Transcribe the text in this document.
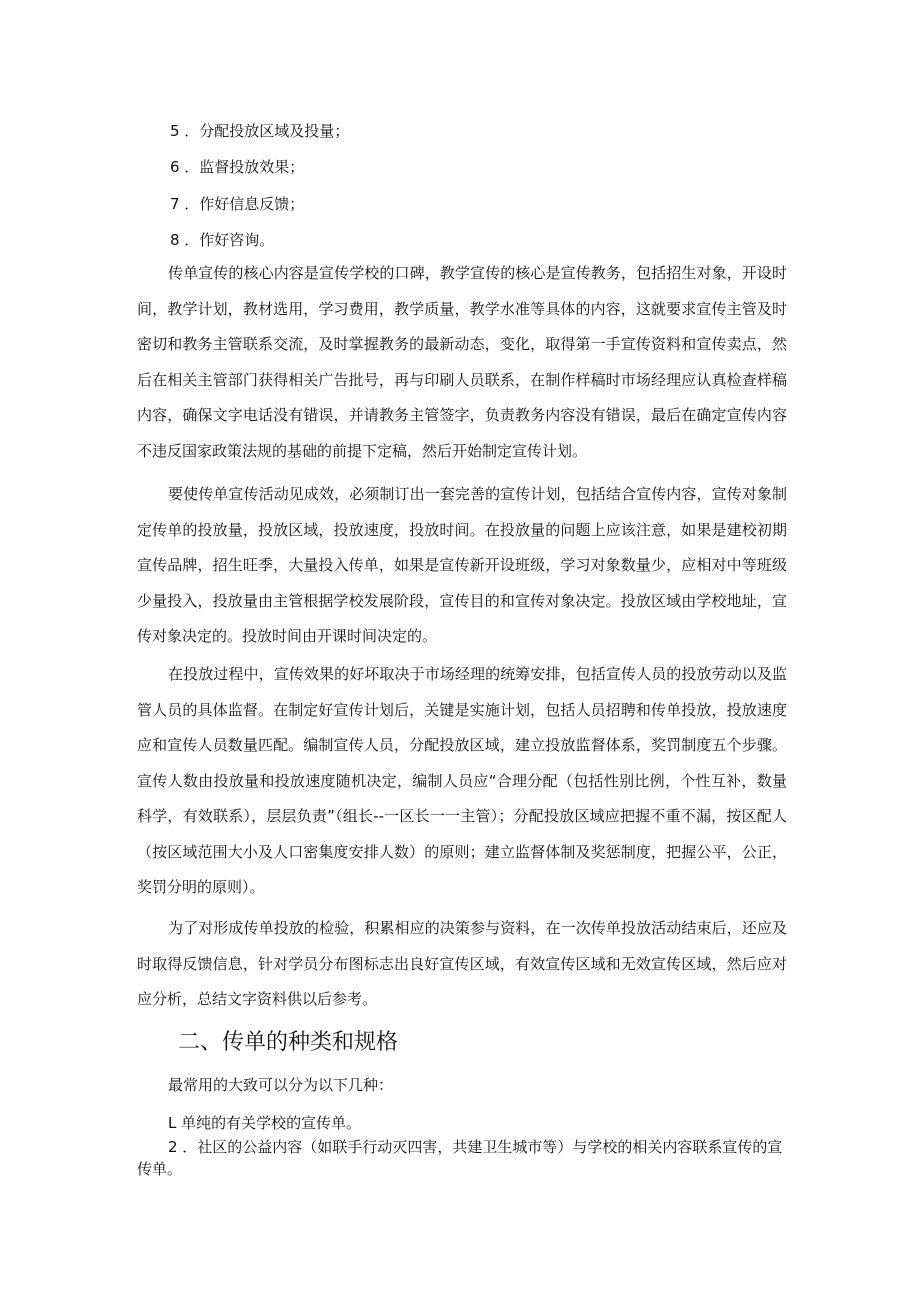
5 ．分配投放区域及投量；
6 ．监督投放效果；
7 ．作好信息反馈；
8 ．作好咨询。

传单宣传的核心内容是宣传学校的口碑，教学宣传的核心是宣传教务，包括招生对象，开设时间，教学计划，教材选用，学习费用，教学质量，教学水准等具体的内容，这就要求宣传主管及时密切和教务主管联系交流，及时掌握教务的最新动态，变化，取得第一手宣传资料和宣传卖点，然后在相关主管部门获得相关广告批号，再与印刷人员联系，在制作样稿时市场经理应认真检查样稿内容，确保文字电话没有错误，并请教务主管签字，负责教务内容没有错误，最后在确定宣传内容不违反国家政策法规的基础的前提下定稿，然后开始制定宣传计划。

要使传单宣传活动见成效，必须制订出一套完善的宣传计划，包括结合宣传内容，宣传对象制定传单的投放量，投放区域，投放速度，投放时间。在投放量的问题上应该注意，如果是建校初期宣传品牌，招生旺季，大量投入传单，如果是宣传新开设班级，学习对象数量少，应相对中等班级少量投入，投放量由主管根据学校发展阶段，宣传目的和宣传对象决定。投放区域由学校地址，宣传对象决定的。投放时间由开课时间决定的。

在投放过程中，宣传效果的好坏取决于市场经理的统筹安排，包括宣传人员的投放劳动以及监管人员的具体监督。在制定好宣传计划后，关键是实施计划，包括人员招聘和传单投放，投放速度应和宣传人员数量匹配。编制宣传人员，分配投放区域，建立投放监督体系，奖罚制度五个步骤。宣传人数由投放量和投放速度随机决定，编制人员应“合理分配（包括性别比例，个性互补，数量科学，有效联系），层层负责”（组长--一区长一一主管）；分配投放区域应把握不重不漏，按区配人（按区域范围大小及人口密集度安排人数）的原则；建立监督体制及奖惩制度，把握公平，公正，奖罚分明的原则）。

为了对形成传单投放的检验，积累相应的决策参与资料，在一次传单投放活动结束后，还应及时取得反馈信息，针对学员分布图标志出良好宣传区域，有效宣传区域和无效宣传区域，然后应对应分析，总结文字资料供以后参考。

二、传单的种类和规格
最常用的大致可以分为以下几种：
L 单纯的有关学校的宣传单。
2 ．社区的公益内容（如联手行动灭四害，共建卫生城市等）与学校的相关内容联系宣传的宣传单。
